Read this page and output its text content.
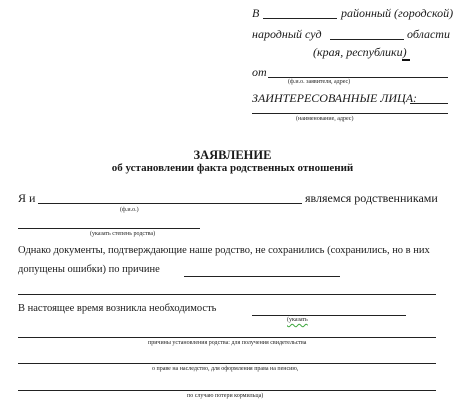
В	районный (городской)
народный суд	области
(края, республики)
от
(ф.и.о. заявителя, адрес)
ЗАИНТЕРЕСОВАННЫЕ ЛИЦА:
(наименование, адрес)
ЗАЯВЛЕНИЕ
об установлении факта родственных отношений
Я и	являемся родственниками
(ф.и.о.)
(указать степень родства)
Однако документы, подтверждающие наше родство, не сохранились (сохранились, но в них
допущены ошибки) по причине
В настоящее время возникла необходимость
(указать
причины установления родства: для получения свидетельства
о праве на наследство, для оформления права на пенсию,
по случаю потери кормильца)
